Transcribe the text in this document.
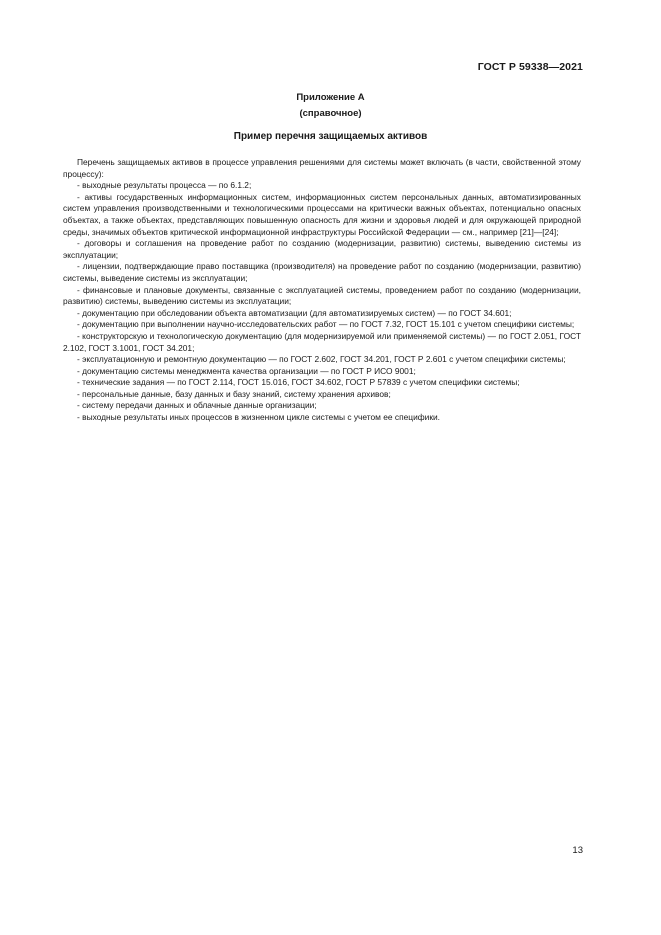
ГОСТ Р 59338—2021
Приложение А
(справочное)
Пример перечня защищаемых активов

Перечень защищаемых активов в процессе управления решениями для системы может включать (в части, свойственной этому процессу):

- выходные результаты процесса — по 6.1.2;

- активы государственных информационных систем, информационных систем персональных данных, автоматизированных систем управления производственными и технологическими процессами на критически важных объектах, потенциально опасных объектах, а также объектах, представляющих повышенную опасность для жизни и здоровья людей и для окружающей природной среды, значимых объектов критической информационной инфраструктуры Российской Федерации — см., например [21]—[24];

- договоры и соглашения на проведение работ по созданию (модернизации, развитию) системы, выведению системы из эксплуатации;

- лицензии, подтверждающие право поставщика (производителя) на проведение работ по созданию (модернизации, развитию) системы, выведение системы из эксплуатации;

- финансовые и плановые документы, связанные с эксплуатацией системы, проведением работ по созданию (модернизации, развитию) системы, выведению системы из эксплуатации;

- документацию при обследовании объекта автоматизации (для автоматизируемых систем) — по ГОСТ 34.601;

- документацию при выполнении научно-исследовательских работ — по ГОСТ 7.32, ГОСТ 15.101 с учетом специфики системы;

- конструкторскую и технологическую документацию (для модернизируемой или применяемой системы) — по ГОСТ 2.051, ГОСТ 2.102, ГОСТ 3.1001, ГОСТ 34.201;

- эксплуатационную и ремонтную документацию — по ГОСТ 2.602, ГОСТ 34.201, ГОСТ Р 2.601 с учетом специфики системы;

- документацию системы менеджмента качества организации — по ГОСТ Р ИСО 9001;

- технические задания — по ГОСТ 2.114, ГОСТ 15.016, ГОСТ 34.602, ГОСТ Р 57839 с учетом специфики системы;

- персональные данные, базу данных и базу знаний, систему хранения архивов;

- систему передачи данных и облачные данные организации;

- выходные результаты иных процессов в жизненном цикле системы с учетом ее специфики.

13
